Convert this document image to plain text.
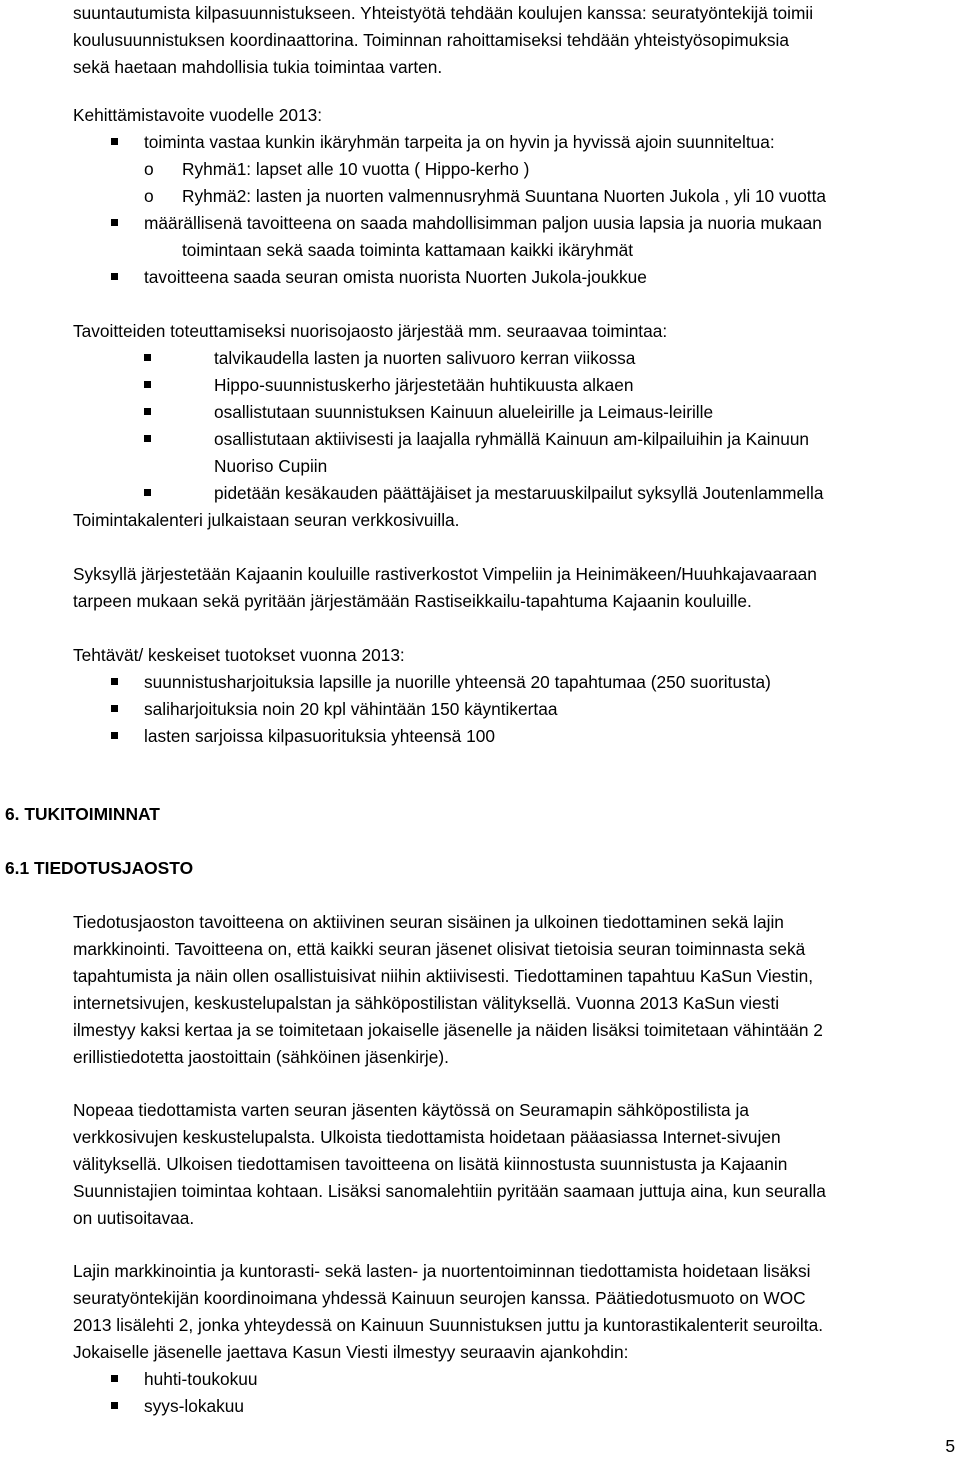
suuntautumista kilpasuunnistukseen. Yhteistyötä tehdään koulujen kanssa: seuratyöntekijä toimii
koulusuunnistuksen koordinaattorina. Toiminnan rahoittamiseksi tehdään yhteistyösopimuksia
sekä haetaan mahdollisia tukia toimintaa varten.
Kehittämistavoite vuodelle 2013:
toiminta vastaa kunkin ikäryhmän tarpeita ja on hyvin ja hyvissä ajoin suunniteltua:
o Ryhmä1: lapset alle 10 vuotta ( Hippo-kerho )
o Ryhmä2: lasten ja nuorten valmennusryhmä Suuntana Nuorten Jukola , yli 10 vuotta
määrällisenä tavoitteena on saada mahdollisimman paljon uusia lapsia ja nuoria mukaan
toimintaan sekä saada toiminta kattamaan kaikki ikäryhmät
tavoitteena saada seuran omista nuorista Nuorten Jukola-joukkue
Tavoitteiden toteuttamiseksi nuorisojaosto järjestää mm. seuraavaa toimintaa:
talvikaudella lasten ja nuorten salivuoro kerran viikossa
Hippo-suunnistuskerho järjestetään huhtikuusta alkaen
osallistutaan suunnistuksen Kainuun alueleirille ja Leimaus-leirille
osallistutaan aktiivisesti ja laajalla ryhmällä Kainuun am-kilpailuihin ja Kainuun
Nuoriso Cupiin
pidetään kesäkauden päättäjäiset ja mestaruuskilpailut syksyllä Joutenlammella
Toimintakalenteri julkaistaan seuran verkkosivuilla.
Syksyllä järjestetään Kajaanin kouluille rastiverkostot Vimpeliin ja Heinimäkeen/Huuhkajavaaraan
tarpeen mukaan sekä pyritään järjestämään Rastiseikkailu-tapahtuma Kajaanin kouluille.
Tehtävät/ keskeiset tuotokset vuonna 2013:
suunnistusharjoituksia lapsille ja nuorille yhteensä 20 tapahtumaa (250 suoritusta)
saliharjoituksia noin 20 kpl vähintään 150 käyntikertaa
lasten sarjoissa kilpasuorituksia yhteensä 100
6. TUKITOIMINNAT
6.1 TIEDOTUSJAOSTO
Tiedotusjaoston tavoitteena on aktiivinen seuran sisäinen ja ulkoinen tiedottaminen sekä lajin
markkinointi. Tavoitteena on, että kaikki seuran jäsenet olisivat tietoisia seuran toiminnasta sekä
tapahtumista ja näin ollen osallistuisivat niihin aktiivisesti. Tiedottaminen tapahtuu KaSun Viestin,
internetsivujen, keskustelupalstan ja sähköpostilistan välityksellä. Vuonna 2013 KaSun viesti
ilmestyy kaksi kertaa ja se toimitetaan jokaiselle jäsenelle ja näiden lisäksi toimitetaan vähintään 2
erillistiedotetta jaostoittain (sähköinen jäsenkirje).
Nopeaa tiedottamista varten seuran jäsenten käytössä on Seuramapin sähköpostilista ja
verkkosivujen keskustelupalsta. Ulkoista tiedottamista hoidetaan pääasiassa Internet-sivujen
välityksellä. Ulkoisen tiedottamisen tavoitteena on lisätä kiinnostusta suunnistusta ja Kajaanin
Suunnistajien toimintaa kohtaan. Lisäksi sanomalehtiin pyritään saamaan juttuja aina, kun seuralla
on uutisoitavaa.
Lajin markkinointia ja kuntorasti- sekä lasten- ja nuortentoiminnan tiedottamista hoidetaan lisäksi
seuratyöntekijän koordinoimana yhdessä Kainuun seurojen kanssa. Päätiedotusmuoto on WOC
2013 lisälehti 2, jonka yhteydessä on Kainuun Suunnistuksen juttu ja kuntorastikalenterit seuroilta.
Jokaiselle jäsenelle jaettava Kasun Viesti ilmestyy seuraavin ajankohdin:
huhti-toukokuu
syys-lokakuu
5
